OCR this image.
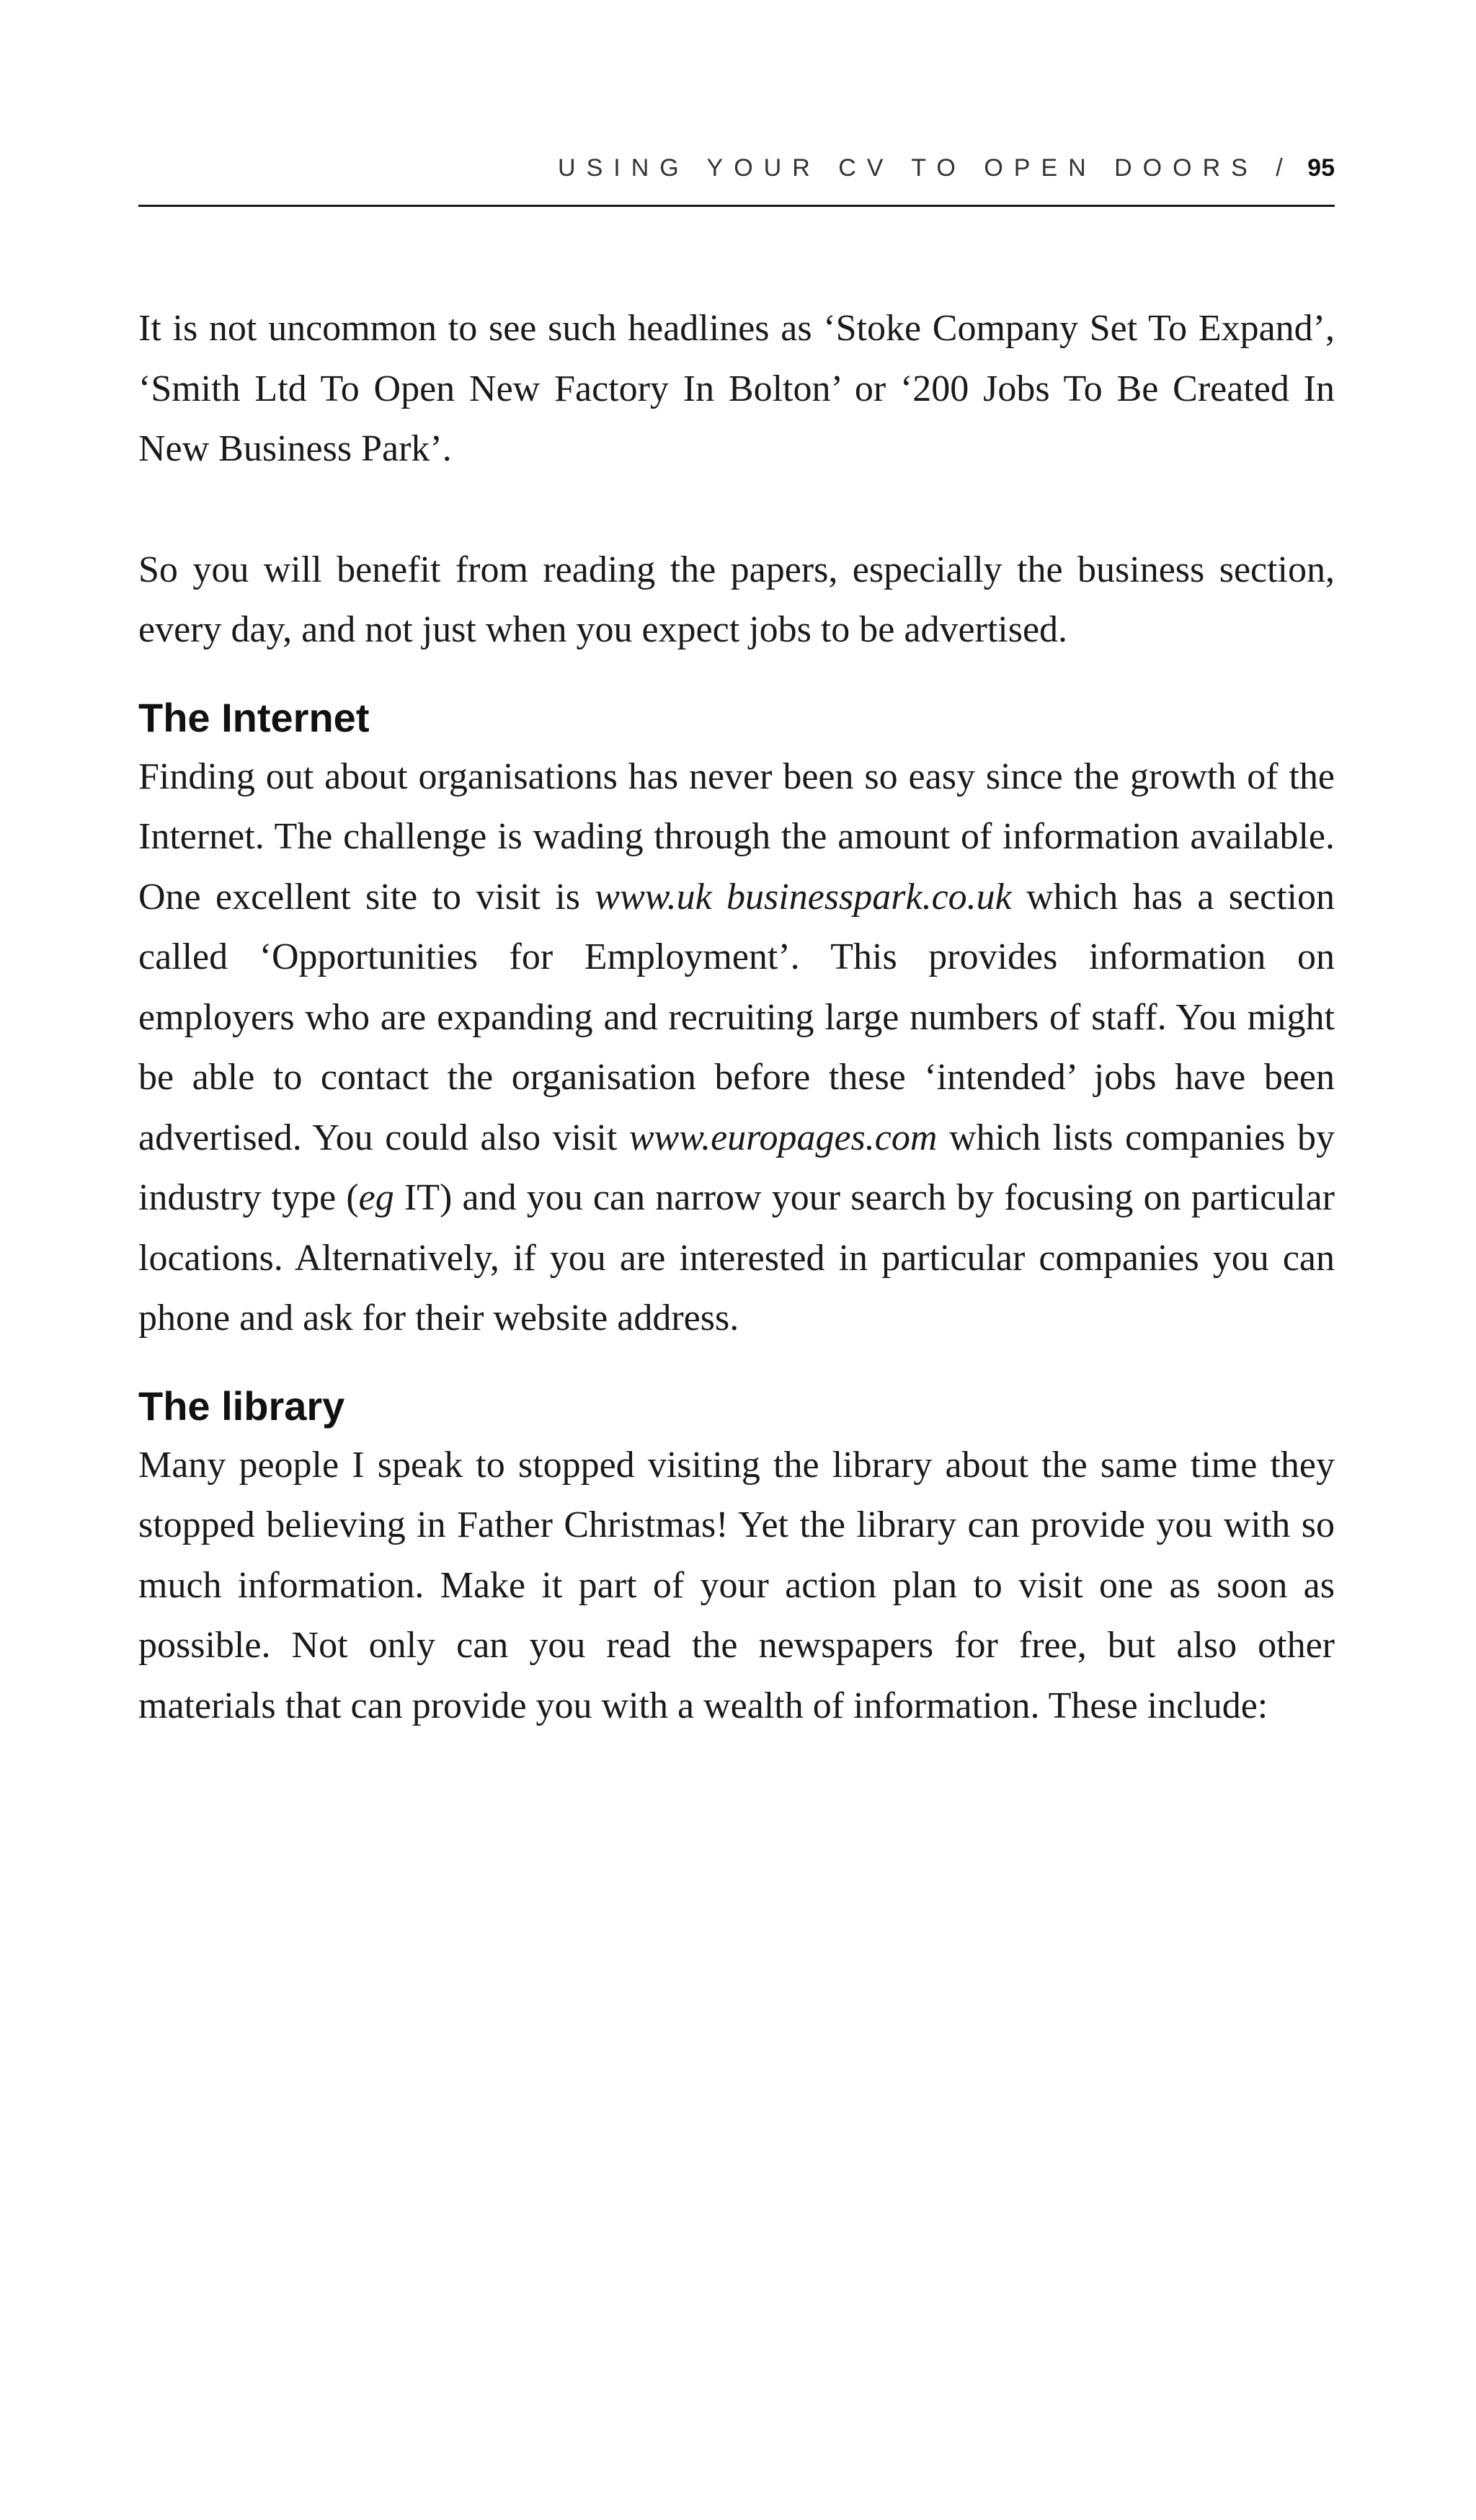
USING YOUR CV TO OPEN DOORS / 95

It is not uncommon to see such headlines as ‘Stoke Company Set To Expand’, ‘Smith Ltd To Open New Factory In Bolton’ or ‘200 Jobs To Be Created In New Business Park’.

So you will benefit from reading the papers, especially the business section, every day, and not just when you expect jobs to be advertised.

The Internet

Finding out about organisations has never been so easy since the growth of the Internet. The challenge is wading through the amount of information available. One excellent site to visit is www.uk businesspark.co.uk which has a section called ‘Opportunities for Employment’. This provides information on employers who are expanding and recruiting large numbers of staff. You might be able to contact the organisation before these ‘intended’ jobs have been advertised. You could also visit www.europages.com which lists companies by industry type (eg IT) and you can narrow your search by focusing on particular locations. Alternatively, if you are interested in particular companies you can phone and ask for their website address.

The library

Many people I speak to stopped visiting the library about the same time they stopped believing in Father Christmas! Yet the library can provide you with so much information. Make it part of your action plan to visit one as soon as possible. Not only can you read the newspapers for free, but also other materials that can provide you with a wealth of information. These include:
